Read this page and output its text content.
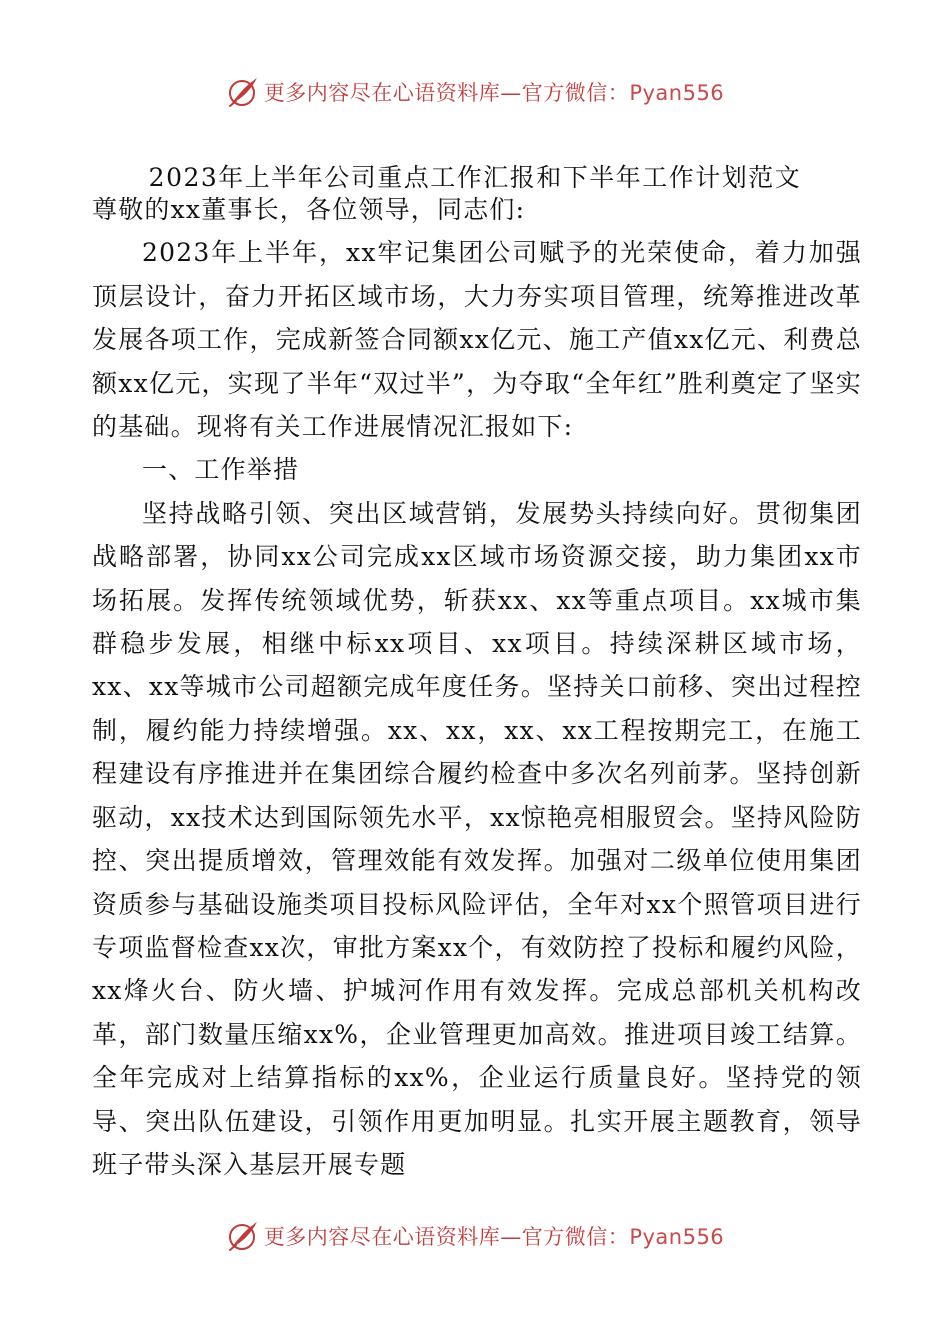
更多内容尽在心语资料库—官方微信：Pyan556
2023年上半年公司重点工作汇报和下半年工作计划范文

尊敬的xx董事长，各位领导，同志们:

2023年上半年，xx牢记集团公司赋予的光荣使命，着力加强顶层设计，奋力开拓区域市场，大力夯实项目管理，统筹推进改革发展各项工作，完成新签合同额xx亿元、施工产值xx亿元、利费总额xx亿元，实现了半年“双过半”，为夺取“全年红”胜利奠定了坚实的基础。现将有关工作进展情况汇报如下:

一、工作举措

坚持战略引领、突出区域营销，发展势头持续向好。贯彻集团战略部署，协同xx公司完成xx区域市场资源交接，助力集团xx市场拓展。发挥传统领域优势，斩获xx、xx等重点项目。xx城市集群稳步发展，相继中标xx项目、xx项目。持续深耕区域市场，xx、xx等城市公司超额完成年度任务。坚持关口前移、突出过程控制，履约能力持续增强。xx、xx，xx、xx工程按期完工，在施工程建设有序推进并在集团综合履约检查中多次名列前茅。坚持创新驱动，xx技术达到国际领先水平，xx惊艳亮相服贸会。坚持风险防控、突出提质增效，管理效能有效发挥。加强对二级单位使用集团资质参与基础设施类项目投标风险评估，全年对xx个照管项目进行专项监督检查xx次，审批方案xx个，有效防控了投标和履约风险，xx烽火台、防火墙、护城河作用有效发挥。完成总部机关机构改革，部门数量压缩xx%，企业管理更加高效。推进项目竣工结算。全年完成对上结算指标的xx%，企业运行质量良好。坚持党的领导、突出队伍建设，引领作用更加明显。扎实开展主题教育，领导班子带头深入基层开展专题

更多内容尽在心语资料库—官方微信：Pyan556
